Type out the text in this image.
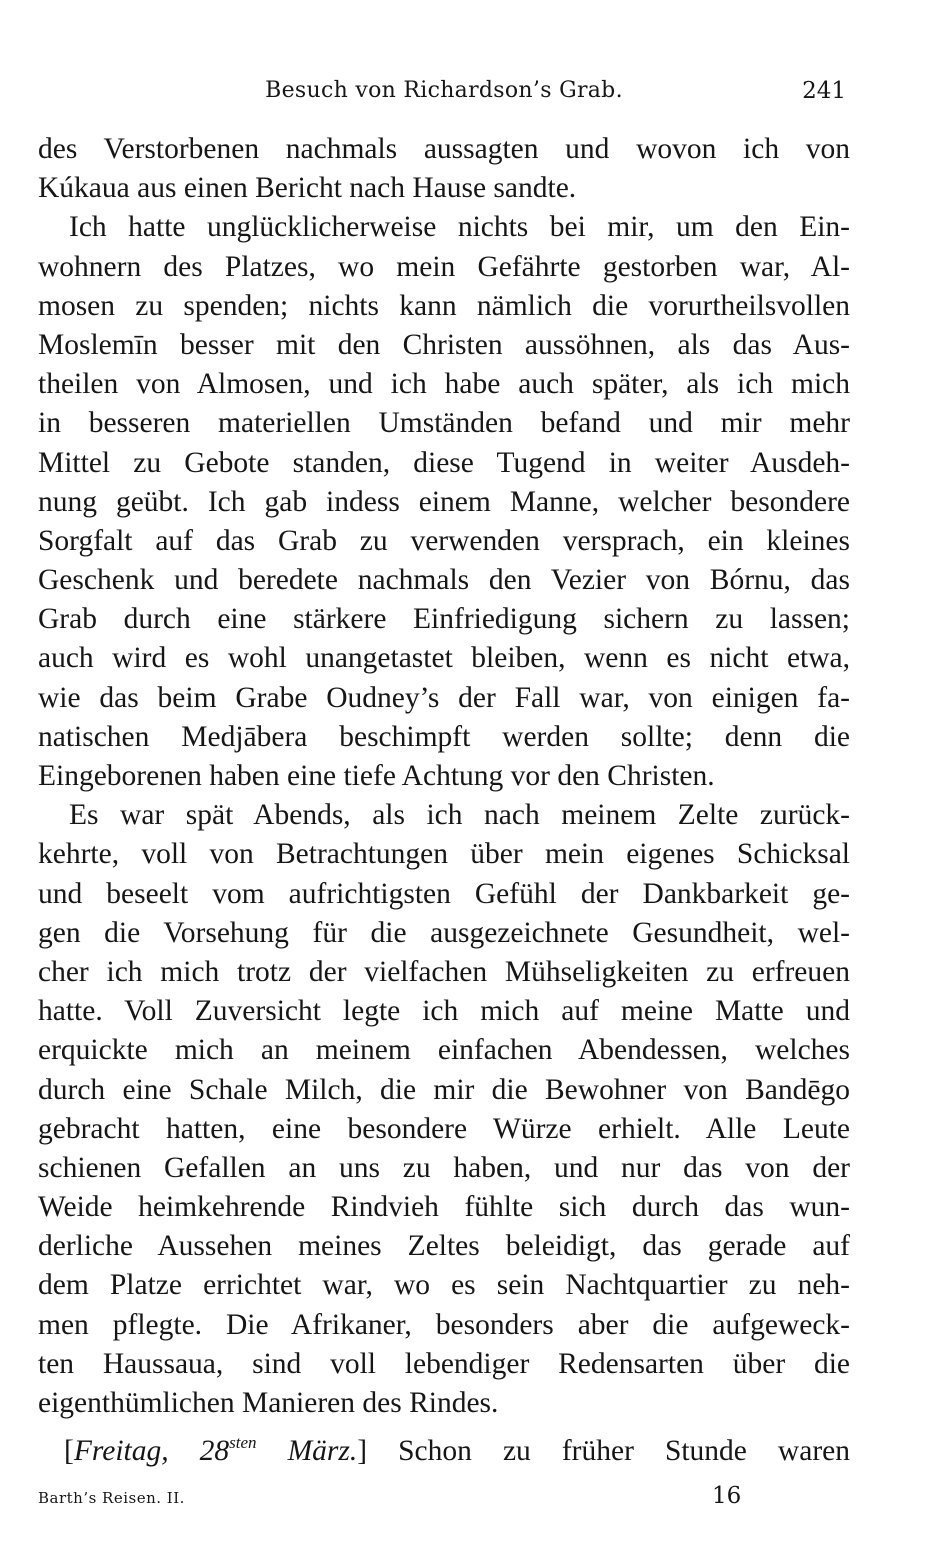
Besuch von Richardson’s Grab.	241
des Verstorbenen nachmals aussagten und wovon ich von
Kúkaua aus einen Bericht nach Hause sandte.
Ich hatte unglücklicherweise nichts bei mir, um den Ein-
wohnern des Platzes, wo mein Gefährte gestorben war, Al-
mosen zu spenden; nichts kann nämlich die vorurtheilsvollen
Moslemīn besser mit den Christen aussöhnen, als das Aus-
theilen von Almosen, und ich habe auch später, als ich mich
in besseren materiellen Umständen befand und mir mehr
Mittel zu Gebote standen, diese Tugend in weiter Ausdeh-
nung geübt. Ich gab indess einem Manne, welcher besondere
Sorgfalt auf das Grab zu verwenden versprach, ein kleines
Geschenk und beredete nachmals den Vezier von Bórnu, das
Grab durch eine stärkere Einfriedigung sichern zu lassen;
auch wird es wohl unangetastet bleiben, wenn es nicht etwa,
wie das beim Grabe Oudney’s der Fall war, von einigen fa-
natischen Medjābera beschimpft werden sollte; denn die
Eingeborenen haben eine tiefe Achtung vor den Christen.
Es war spät Abends, als ich nach meinem Zelte zurück-
kehrte, voll von Betrachtungen über mein eigenes Schicksal
und beseelt vom aufrichtigsten Gefühl der Dankbarkeit ge-
gen die Vorsehung für die ausgezeichnete Gesundheit, wel-
cher ich mich trotz der vielfachen Mühseligkeiten zu erfreuen
hatte. Voll Zuversicht legte ich mich auf meine Matte und
erquickte mich an meinem einfachen Abendessen, welches
durch eine Schale Milch, die mir die Bewohner von Bandēgo
gebracht hatten, eine besondere Würze erhielt. Alle Leute
schienen Gefallen an uns zu haben, und nur das von der
Weide heimkehrende Rindvieh fühlte sich durch das wun-
derliche Aussehen meines Zeltes beleidigt, das gerade auf
dem Platze errichtet war, wo es sein Nachtquartier zu neh-
men pflegte. Die Afrikaner, besonders aber die aufgeweck-
ten Haussaua, sind voll lebendiger Redensarten über die
eigenthümlichen Manieren des Rindes.
[Freitag, $28^{sten}$ März.] Schon zu früher Stunde waren
Barth’s Reisen. II.	16
